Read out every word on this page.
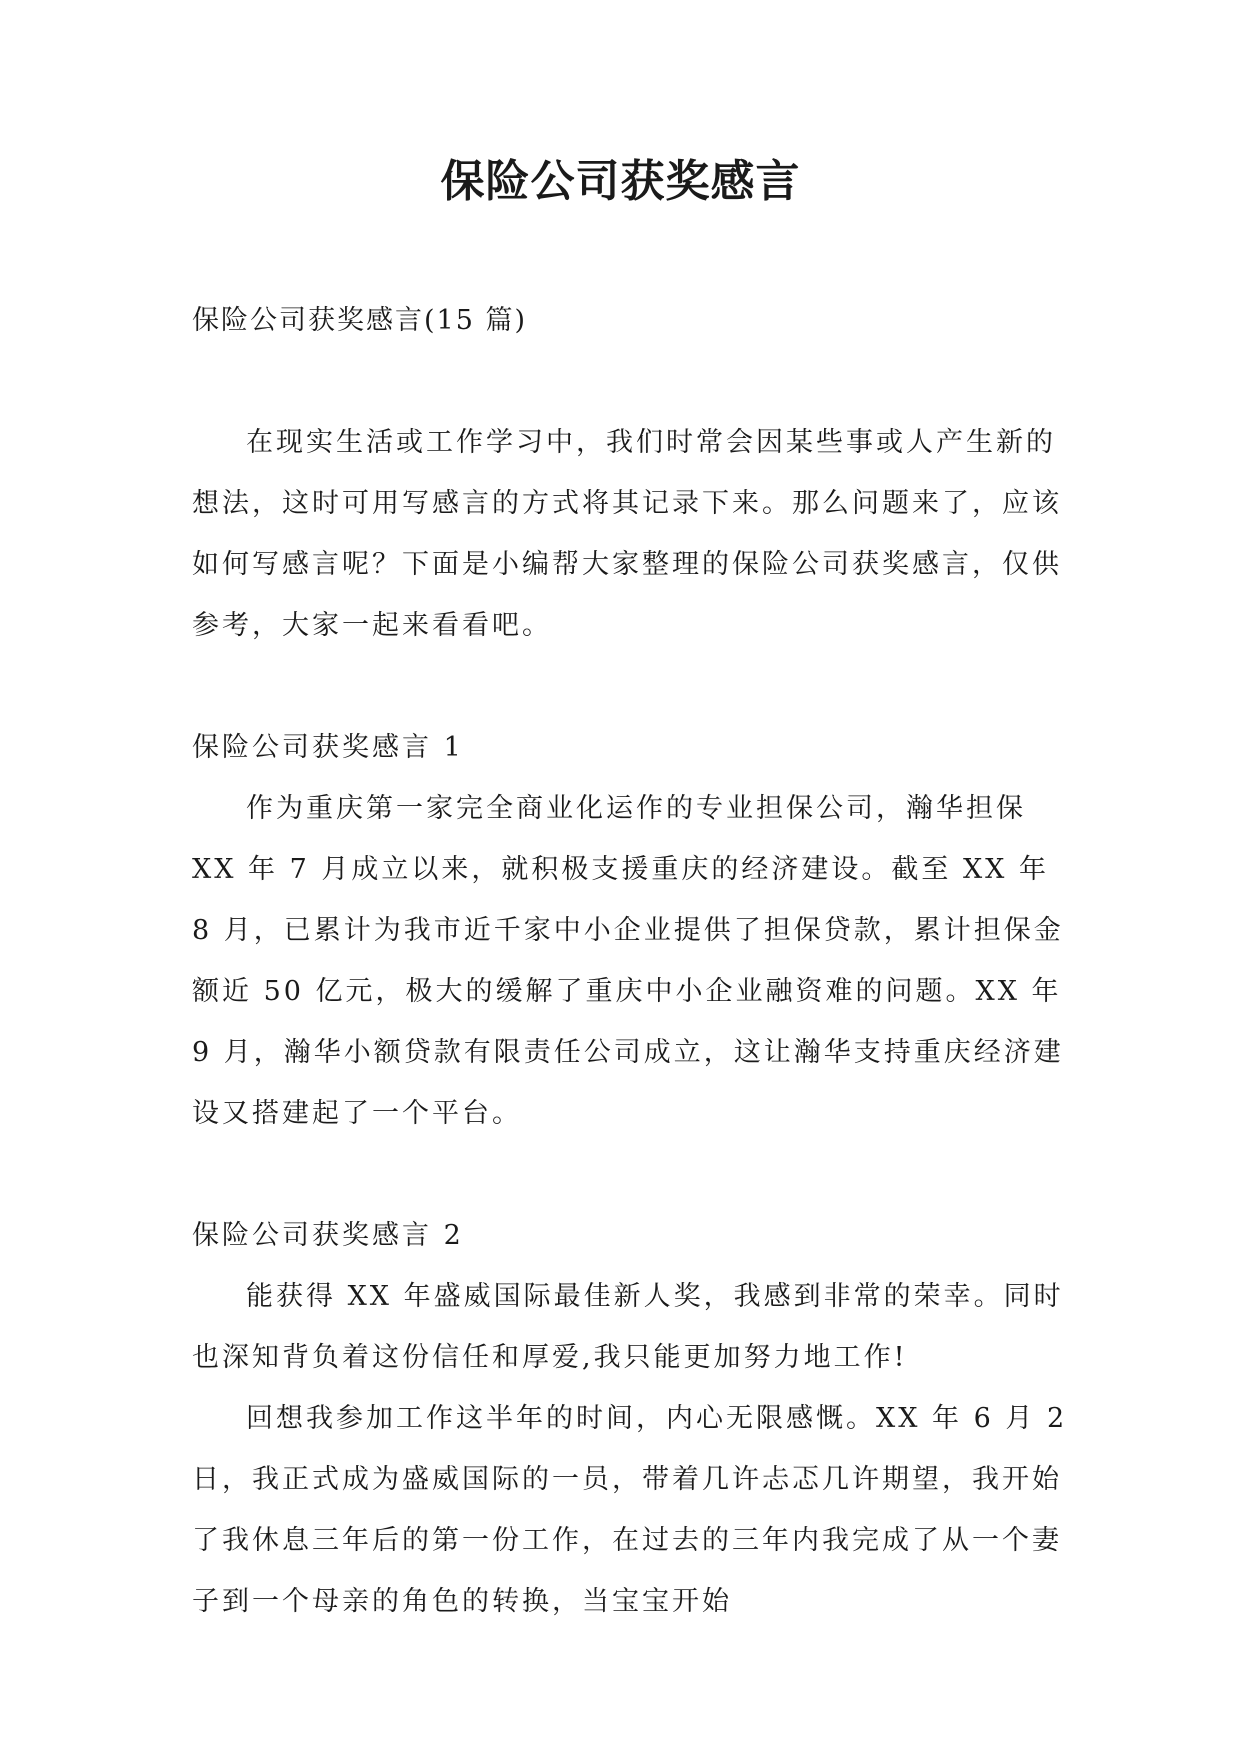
保险公司获奖感言

保险公司获奖感言(15 篇)

在现实生活或工作学习中，我们时常会因某些事或人产生新的想法，这时可用写感言的方式将其记录下来。那么问题来了，应该如何写感言呢？下面是小编帮大家整理的保险公司获奖感言，仅供参考，大家一起来看看吧。

保险公司获奖感言 1

作为重庆第一家完全商业化运作的专业担保公司，瀚华担保 XX 年 7 月成立以来，就积极支援重庆的经济建设。截至 XX 年 8 月，已累计为我市近千家中小企业提供了担保贷款，累计担保金额近 50 亿元，极大的缓解了重庆中小企业融资难的问题。XX 年 9 月，瀚华小额贷款有限责任公司成立，这让瀚华支持重庆经济建设又搭建起了一个平台。

保险公司获奖感言 2

能获得 XX 年盛威国际最佳新人奖，我感到非常的荣幸。同时也深知背负着这份信任和厚爱,我只能更加努力地工作!

回想我参加工作这半年的时间，内心无限感慨。XX 年 6 月 2 日，我正式成为盛威国际的一员，带着几许忐忑几许期望，我开始了我休息三年后的第一份工作，在过去的三年内我完成了从一个妻子到一个母亲的角色的转换，当宝宝开始
